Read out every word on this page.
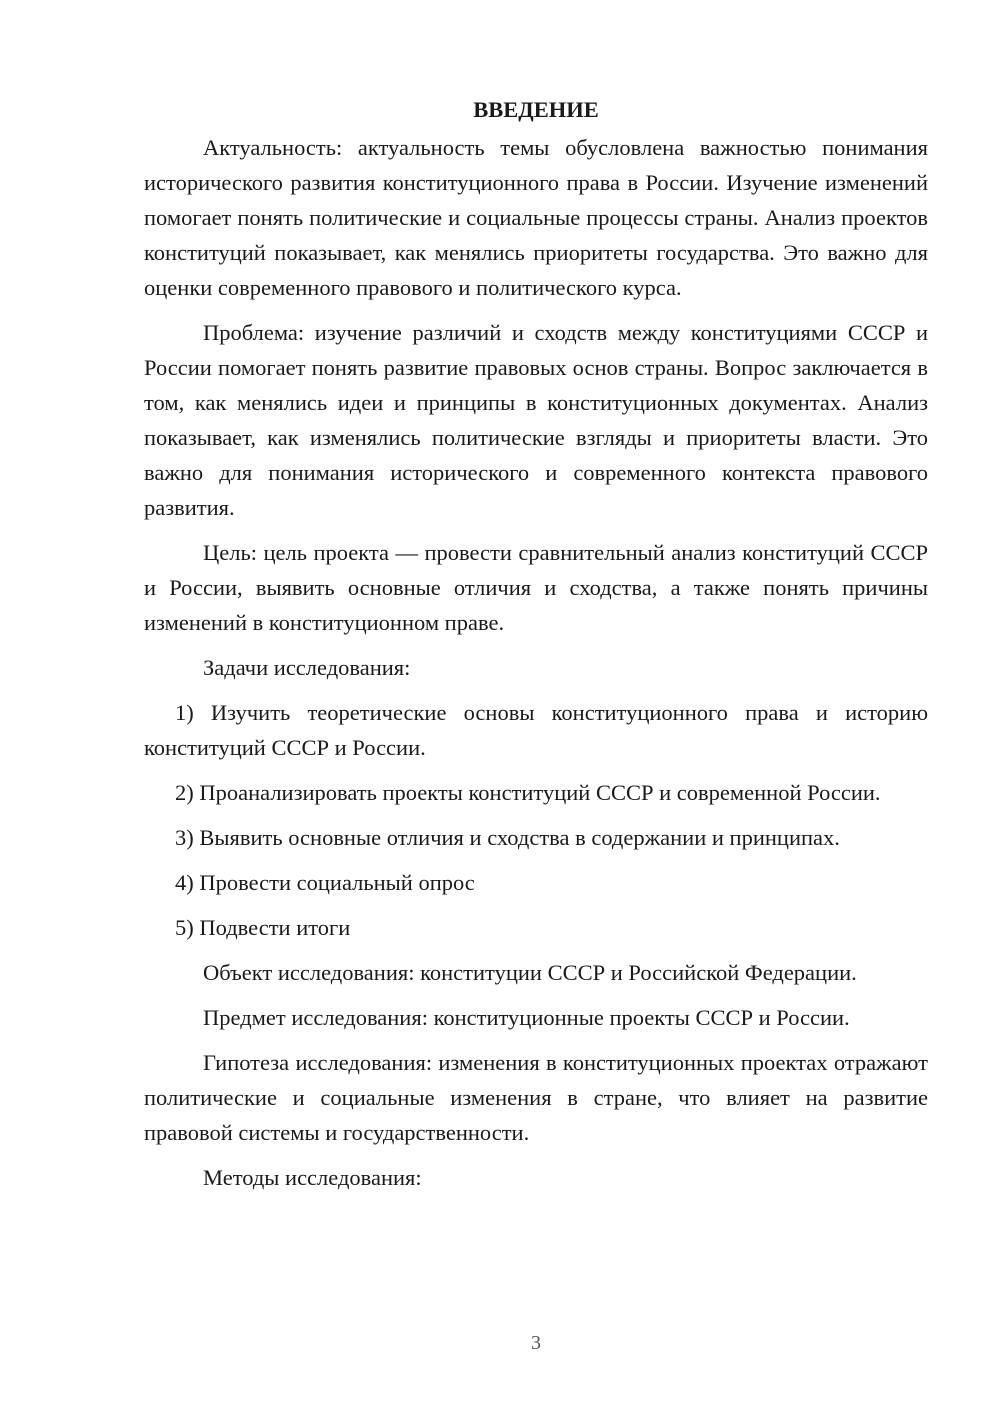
ВВЕДЕНИЕ

Актуальность: актуальность темы обусловлена важностью понимания исторического развития конституционного права в России. Изучение изменений помогает понять политические и социальные процессы страны. Анализ проектов конституций показывает, как менялись приоритеты государства. Это важно для оценки современного правового и политического курса.

Проблема: изучение различий и сходств между конституциями СССР и России помогает понять развитие правовых основ страны. Вопрос заключается в том, как менялись идеи и принципы в конституционных документах. Анализ показывает, как изменялись политические взгляды и приоритеты власти. Это важно для понимания исторического и современного контекста правового развития.

Цель: цель проекта — провести сравнительный анализ конституций СССР и России, выявить основные отличия и сходства, а также понять причины изменений в конституционном праве.

Задачи исследования:

1) Изучить теоретические основы конституционного права и историю конституций СССР и России.

2) Проанализировать проекты конституций СССР и современной России.

3) Выявить основные отличия и сходства в содержании и принципах.

4) Провести социальный опрос

5) Подвести итоги

Объект исследования: конституции СССР и Российской Федерации.

Предмет исследования: конституционные проекты СССР и России.

Гипотеза исследования: изменения в конституционных проектах отражают политические и социальные изменения в стране, что влияет на развитие правовой системы и государственности.

Методы исследования:

3
